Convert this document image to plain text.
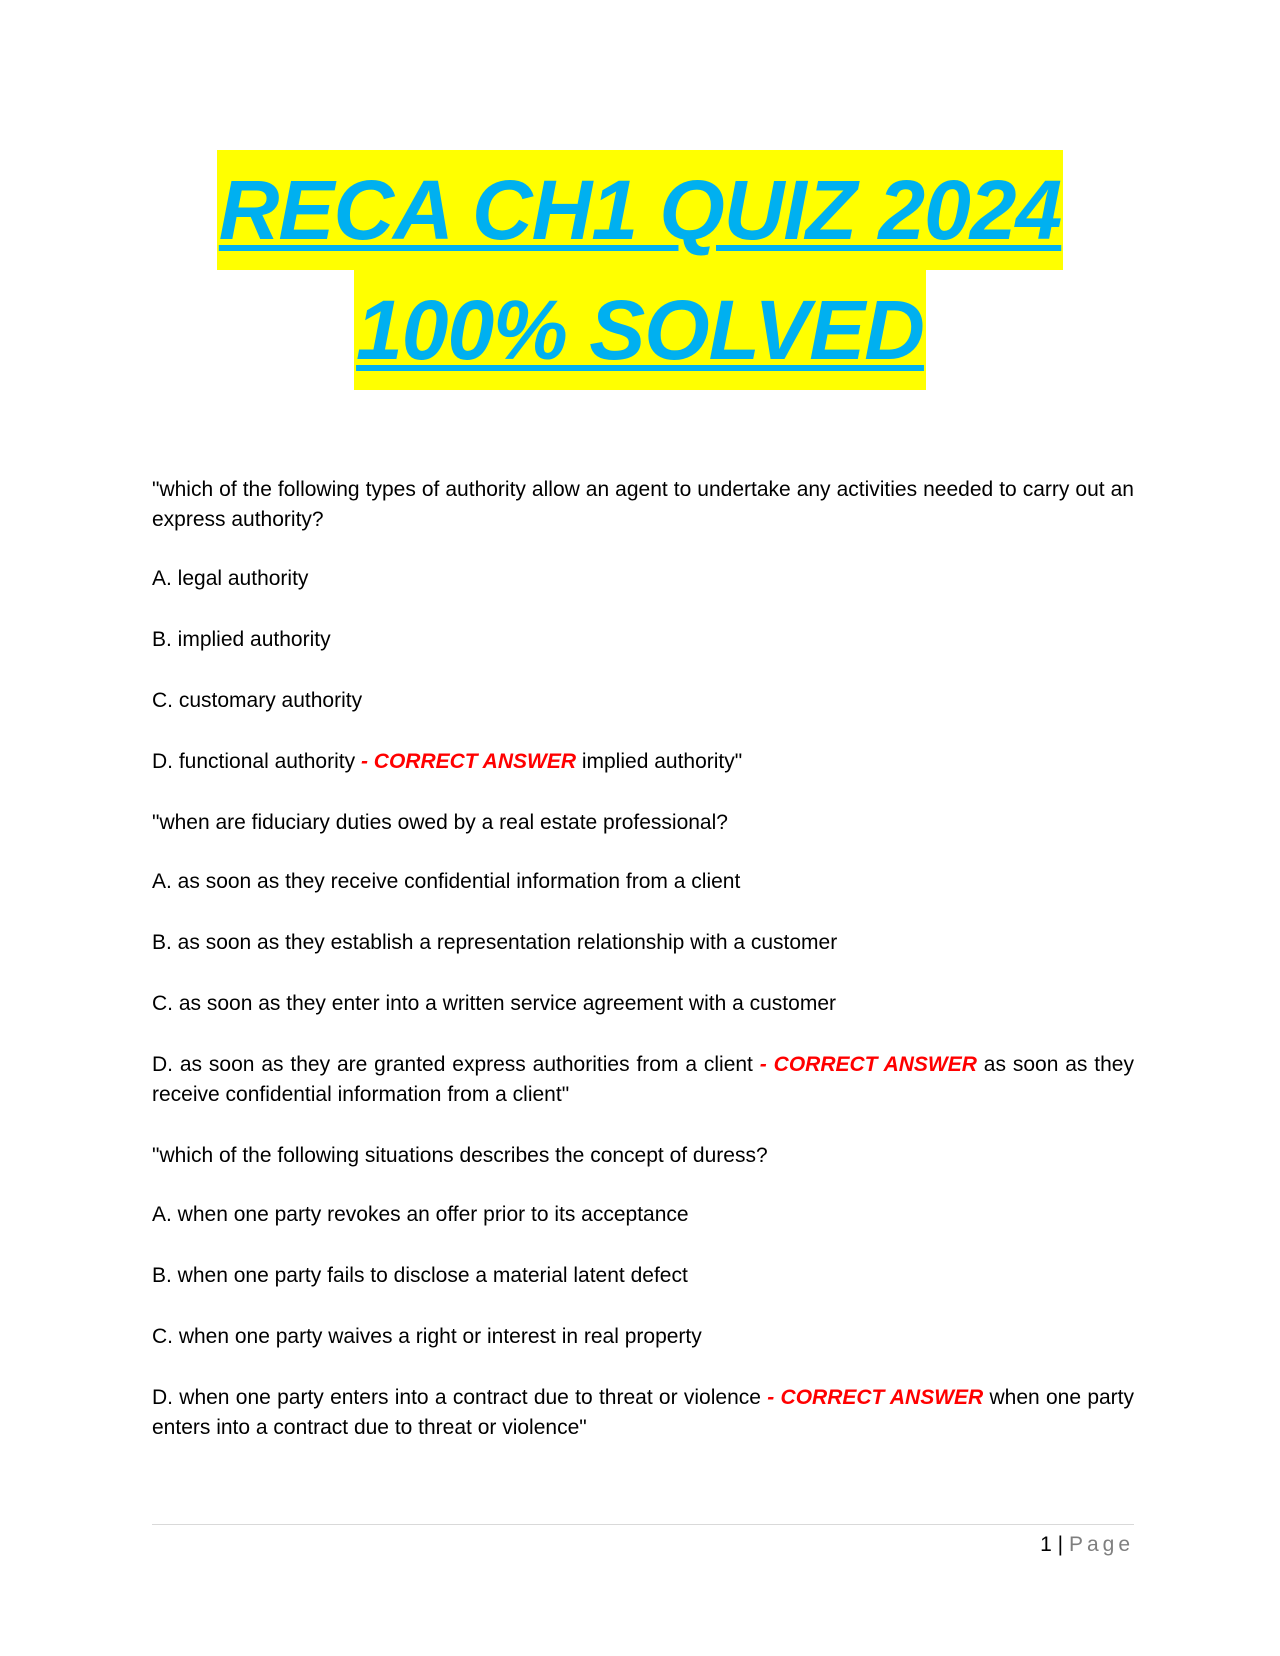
RECA CH1 QUIZ 2024
100% SOLVED

"which of the following types of authority allow an agent to undertake any activities needed to carry out an express authority?

A. legal authority

B. implied authority

C. customary authority

D. functional authority - CORRECT ANSWER implied authority"

"when are fiduciary duties owed by a real estate professional?

A. as soon as they receive confidential information from a client

B. as soon as they establish a representation relationship with a customer

C. as soon as they enter into a written service agreement with a customer

D. as soon as they are granted express authorities from a client - CORRECT ANSWER as soon as they receive confidential information from a client"

"which of the following situations describes the concept of duress?

A. when one party revokes an offer prior to its acceptance

B. when one party fails to disclose a material latent defect

C. when one party waives a right or interest in real property

D. when one party enters into a contract due to threat or violence - CORRECT ANSWER when one party enters into a contract due to threat or violence"

1 | Page
